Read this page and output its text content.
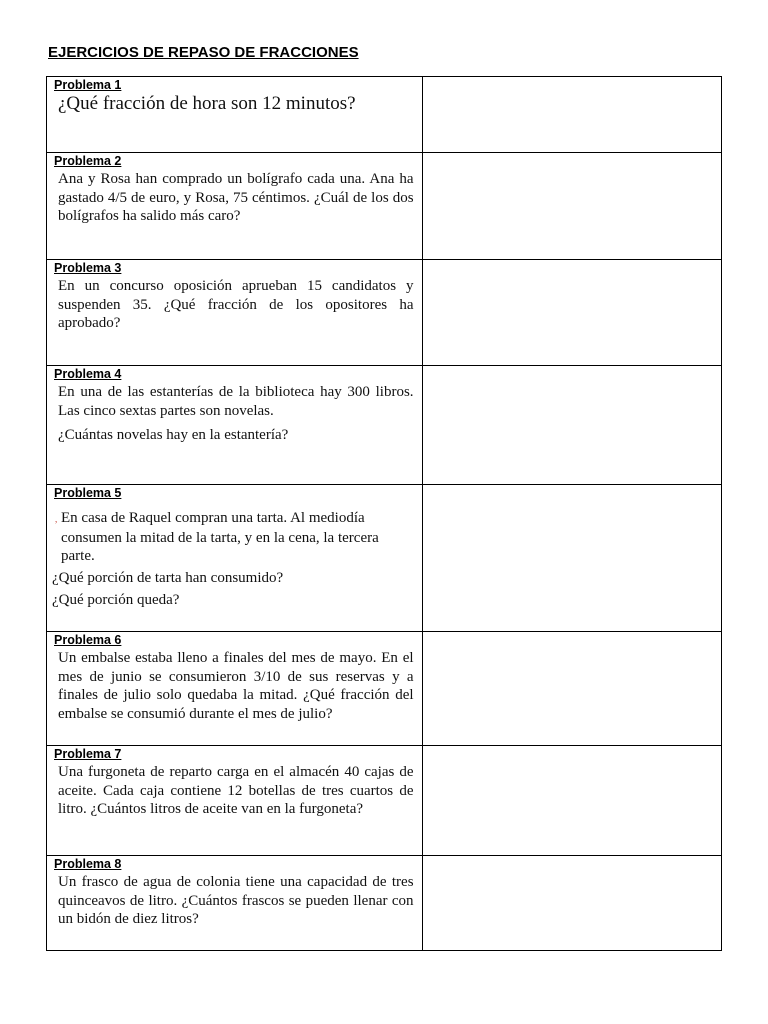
EJERCICIOS DE REPASO DE FRACCIONES
Problema 1
¿Qué fracción de hora son 12 minutos?	

Problema 2
Ana y Rosa han comprado un bolígrafo cada una. Ana ha gastado 4/5 de euro, y Rosa, 75 céntimos. ¿Cuál de los dos bolígrafos ha salido más caro?	

Problema 3
En un concurso oposición aprueban 15 candidatos y suspenden 35. ¿Qué fracción de los opositores ha aprobado?	

Problema 4
En una de las estanterías de la biblioteca hay 300 libros. Las cinco sextas partes son novelas.
¿Cuántas novelas hay en la estantería?	

Problema 5
, En casa de Raquel compran una tarta. Al mediodía consumen la mitad de la tarta, y en la cena, la tercera parte.
¿Qué porción de tarta han consumido?
¿Qué porción queda?	

Problema 6
Un embalse estaba lleno a finales del mes de mayo. En el mes de junio se consumieron 3/10 de sus reservas y a finales de julio solo quedaba la mitad. ¿Qué fracción del embalse se consumió durante el mes de julio?	

Problema 7
Una furgoneta de reparto carga en el almacén 40 cajas de aceite. Cada caja contiene 12 botellas de tres cuartos de litro. ¿Cuántos litros de aceite van en la furgoneta?	

Problema 8
Un frasco de agua de colonia tiene una capacidad de tres quinceavos de litro. ¿Cuántos frascos se pueden llenar con un bidón de diez litros?	
